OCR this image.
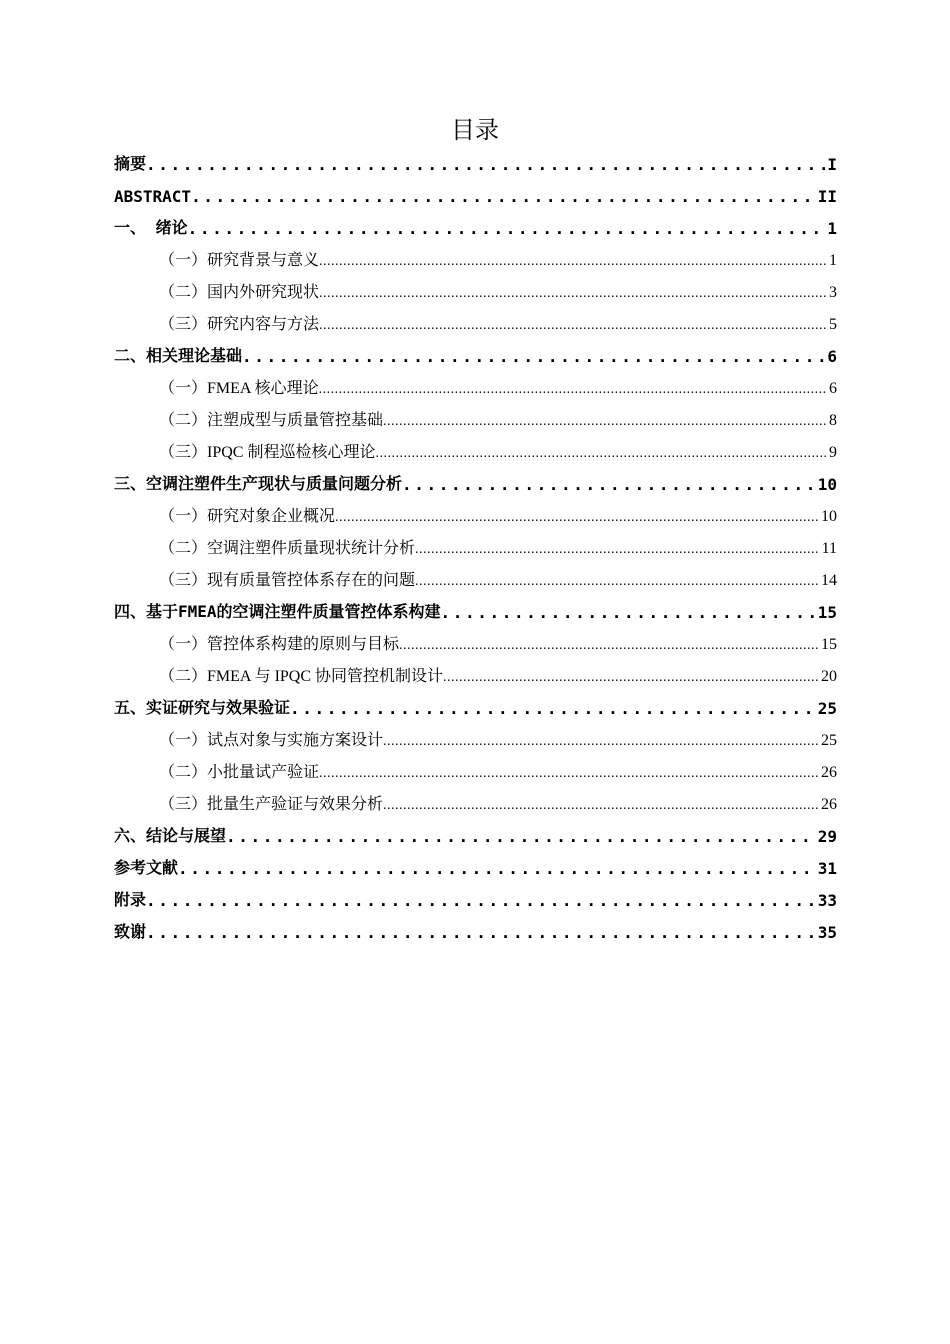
目录
摘要 .....	I
ABSTRACT .....	II
一、 绪论 .....	1
（一）研究背景与意义 .....	1
（二）国内外研究现状 .....	3
（三）研究内容与方法 .....	5
二、相关理论基础 .....	6
（一）FMEA 核心理论 .....	6
（二）注塑成型与质量管控基础 .....	8
（三）IPQC 制程巡检核心理论 .....	9
三、空调注塑件生产现状与质量问题分析 .....	10
（一）研究对象企业概况 .....	10
（二）空调注塑件质量现状统计分析 .....	11
（三）现有质量管控体系存在的问题 .....	14
四、基于FMEA的空调注塑件质量管控体系构建 .....	15
（一）管控体系构建的原则与目标 .....	15
（二）FMEA 与 IPQC 协同管控机制设计 .....	20
五、实证研究与效果验证 .....	25
（一）试点对象与实施方案设计 .....	25
（二）小批量试产验证 .....	26
（三）批量生产验证与效果分析 .....	26
六、结论与展望 .....	29
参考文献 .....	31
附录 .....	33
致谢 .....	35
